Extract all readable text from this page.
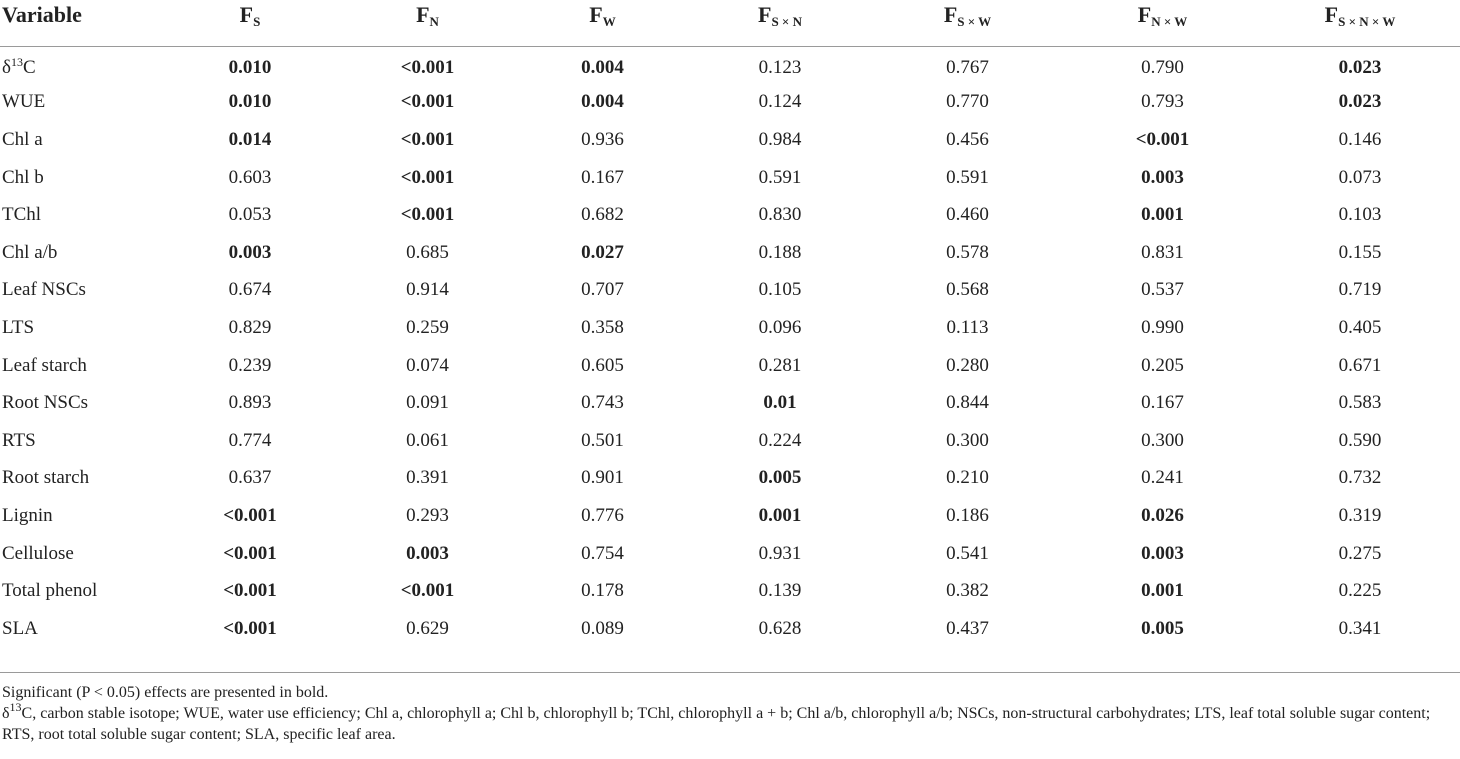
Variable	$F_S$	$F_N$	$F_W$	$F_{S \times N}$	$F_{S \times W}$	$F_{N \times W}$	$F_{S \times N \times W}$
$\delta^{13}C$	0.010	<0.001	0.004	0.123	0.767	0.790	0.023
WUE	0.010	<0.001	0.004	0.124	0.770	0.793	0.023
Chl a	0.014	<0.001	0.936	0.984	0.456	<0.001	0.146
Chl b	0.603	<0.001	0.167	0.591	0.591	0.003	0.073
TChl	0.053	<0.001	0.682	0.830	0.460	0.001	0.103
Chl a/b	0.003	0.685	0.027	0.188	0.578	0.831	0.155
Leaf NSCs	0.674	0.914	0.707	0.105	0.568	0.537	0.719
LTS	0.829	0.259	0.358	0.096	0.113	0.990	0.405
Leaf starch	0.239	0.074	0.605	0.281	0.280	0.205	0.671
Root NSCs	0.893	0.091	0.743	0.01	0.844	0.167	0.583
RTS	0.774	0.061	0.501	0.224	0.300	0.300	0.590
Root starch	0.637	0.391	0.901	0.005	0.210	0.241	0.732
Lignin	<0.001	0.293	0.776	0.001	0.186	0.026	0.319
Cellulose	<0.001	0.003	0.754	0.931	0.541	0.003	0.275
Total phenol	<0.001	<0.001	0.178	0.139	0.382	0.001	0.225
SLA	<0.001	0.629	0.089	0.628	0.437	0.005	0.341

Significant (P < 0.05) effects are presented in bold.

$\delta^{13}C$, carbon stable isotope; WUE, water use efficiency; Chl a, chlorophyll a; Chl b, chlorophyll b; TChl, chlorophyll a + b; Chl a/b, chlorophyll a/b; NSCs, non-structural carbohydrates; LTS, leaf total soluble sugar content; RTS, root total soluble sugar content; SLA, specific leaf area.
